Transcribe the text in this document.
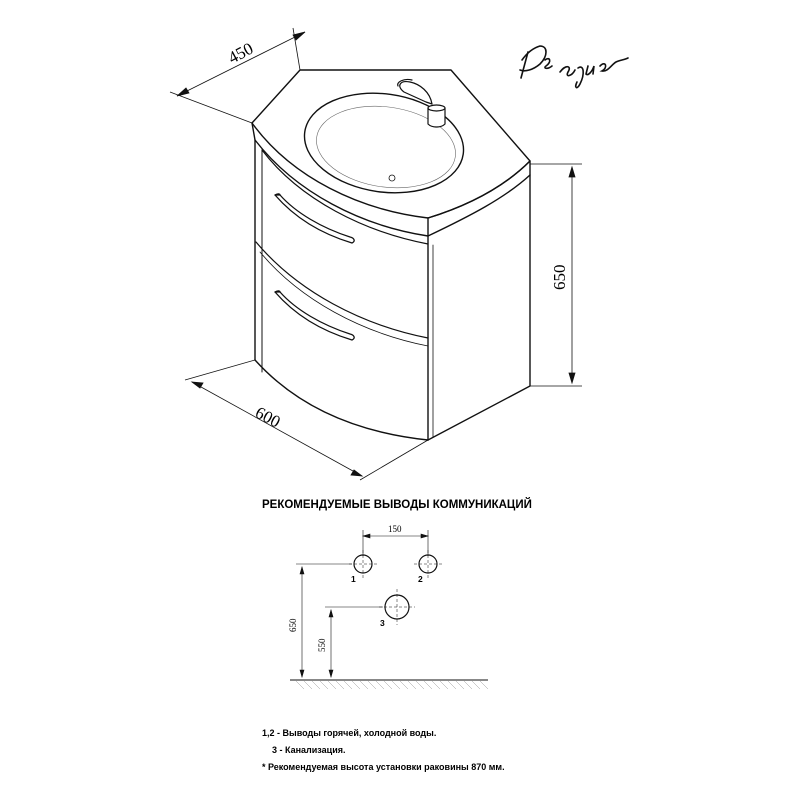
450
600
650
РЕКОМЕНДУЕМЫЕ ВЫВОДЫ КОММУНИКАЦИЙ
150
1	2
3
650
550
1,2 - Выводы горячей, холодной воды.
3 - Канализация.
* Рекомендуемая высота установки раковины 870 мм.
